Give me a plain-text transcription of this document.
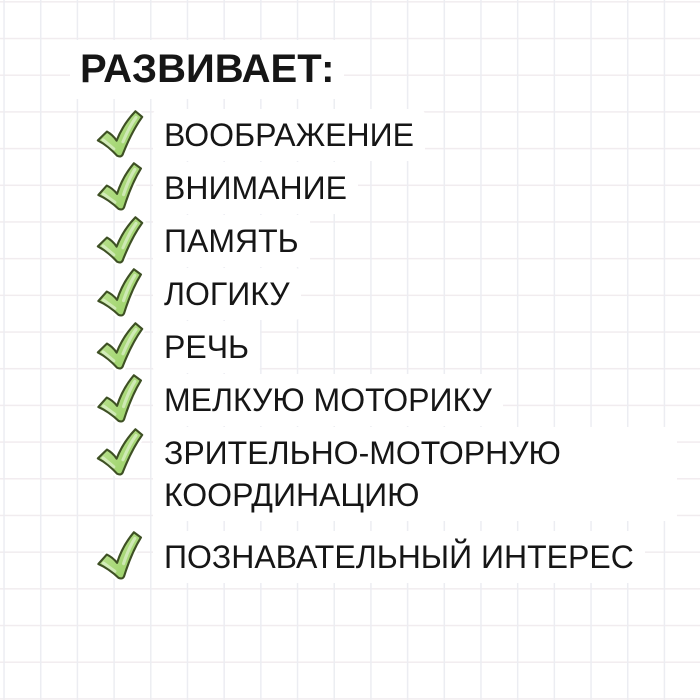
РАЗВИВАЕТ:
ВООБРАЖЕНИЕ
ВНИМАНИЕ
ПАМЯТЬ
ЛОГИКУ
РЕЧЬ
МЕЛКУЮ МОТОРИКУ
ЗРИТЕЛЬНО-МОТОРНУЮ КООРДИНАЦИЮ
ПОЗНАВАТЕЛЬНЫЙ ИНТЕРЕС
